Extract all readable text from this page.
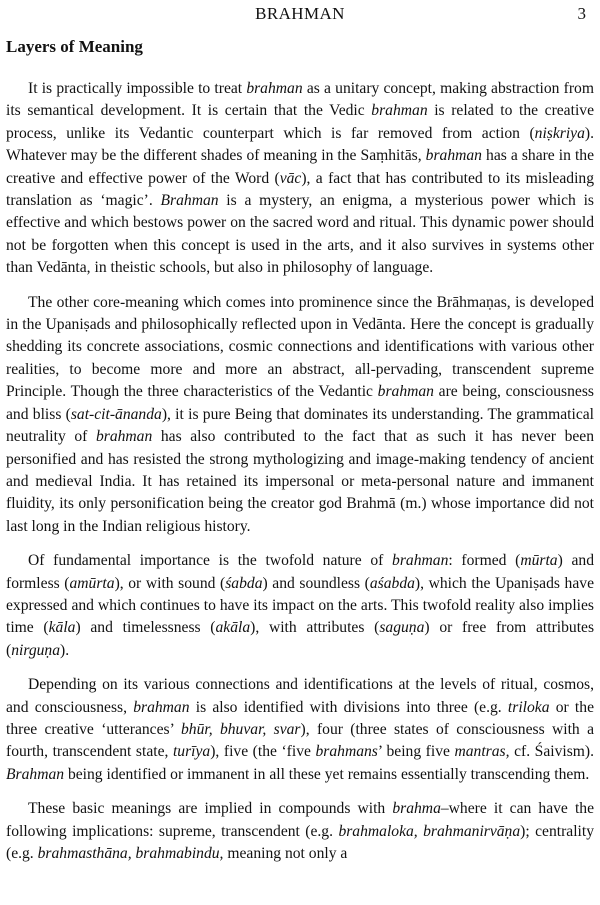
BRAHMAN	3
Layers of Meaning

It is practically impossible to treat brahman as a unitary concept, making abstraction from its semantical development. It is certain that the Vedic brahman is related to the creative process, unlike its Vedantic counterpart which is far removed from action (niṣkriya). Whatever may be the different shades of meaning in the Saṃhitās, brahman has a share in the creative and effective power of the Word (vāc), a fact that has contributed to its misleading translation as ‘magic’. Brahman is a mystery, an enigma, a mysterious power which is effective and which bestows power on the sacred word and ritual. This dynamic power should not be forgotten when this concept is used in the arts, and it also survives in systems other than Vedānta, in theistic schools, but also in philosophy of language.

The other core-meaning which comes into prominence since the Brāhmaṇas, is developed in the Upaniṣads and philosophically reflected upon in Vedānta. Here the concept is gradually shedding its concrete associations, cosmic connections and identifications with various other realities, to become more and more an abstract, all-pervading, transcendent supreme Principle. Though the three characteristics of the Vedantic brahman are being, consciousness and bliss (sat-cit-ānanda), it is pure Being that dominates its understanding. The grammatical neutrality of brahman has also contributed to the fact that as such it has never been personified and has resisted the strong mythologizing and image-making tendency of ancient and medieval India. It has retained its impersonal or meta-personal nature and immanent fluidity, its only personification being the creator god Brahmā (m.) whose importance did not last long in the Indian religious history.

Of fundamental importance is the twofold nature of brahman: formed (mūrta) and formless (amūrta), or with sound (śabda) and soundless (aśabda), which the Upaniṣads have expressed and which continues to have its impact on the arts. This twofold reality also implies time (kāla) and timelessness (akāla), with attributes (saguṇa) or free from attributes (nirguṇa).

Depending on its various connections and identifications at the levels of ritual, cosmos, and consciousness, brahman is also identified with divisions into three (e.g. triloka or the three creative ‘utterances’ bhūr, bhuvar, svar), four (three states of consciousness with a fourth, transcendent state, turīya), five (the ‘five brahmans’ being five mantras, cf. Śaivism). Brahman being identified or immanent in all these yet remains essentially transcending them.

These basic meanings are implied in compounds with brahma–where it can have the following implications: supreme, transcendent (e.g. brahmaloka, brahmanirvāṇa); centrality (e.g. brahmasthāna, brahmabindu, meaning not only a
